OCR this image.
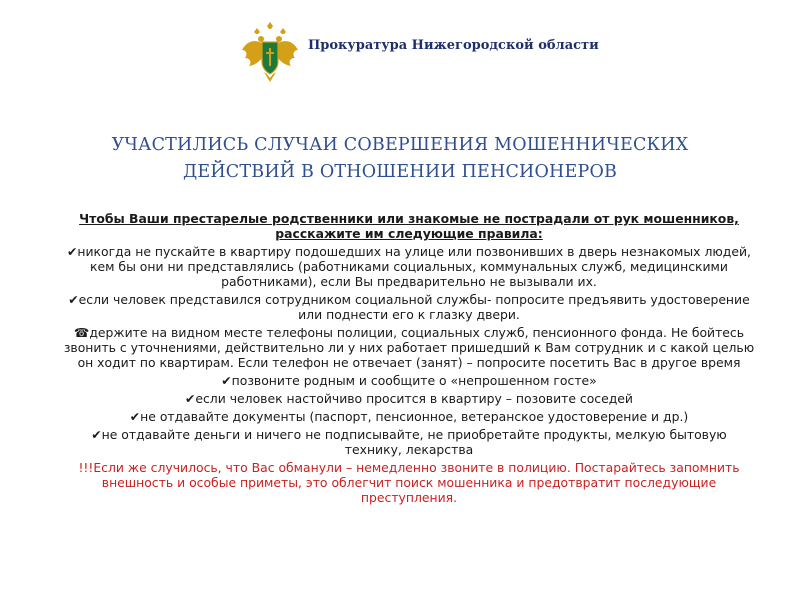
Прокуратура Нижегородской области
УЧАСТИЛИСЬ СЛУЧАИ СОВЕРШЕНИЯ МОШЕННИЧЕСКИХ
ДЕЙСТВИЙ В ОТНОШЕНИИ ПЕНСИОНЕРОВ

Чтобы Ваши престарелые родственники или знакомые не пострадали от рук мошенников, расскажите им следующие правила:

✔никогда не пускайте в квартиру подошедших на улице или позвонивших в дверь незнакомых людей, кем бы они ни представлялись (работниками социальных, коммунальных служб, медицинскими работниками), если Вы предварительно не вызывали их.

✔если человек представился сотрудником социальной службы- попросите предъявить удостоверение или поднести его к глазку двери.

☎держите на видном месте телефоны полиции, социальных служб, пенсионного фонда. Не бойтесь звонить с уточнениями, действительно ли у них работает пришедший к Вам сотрудник и с какой целью он ходит по квартирам. Если телефон не отвечает (занят) – попросите посетить Вас в другое время

✔позвоните родным и сообщите о «непрошенном госте»

✔если человек настойчиво просится в квартиру – позовите соседей

✔не отдавайте документы (паспорт, пенсионное, ветеранское удостоверение и др.)

✔не отдавайте деньги и ничего не подписывайте, не приобретайте продукты, мелкую бытовую технику, лекарства

!!!Если же случилось, что Вас обманули – немедленно звоните в полицию. Постарайтесь запомнить внешность и особые приметы, это облегчит поиск мошенника и предотвратит последующие преступления.
